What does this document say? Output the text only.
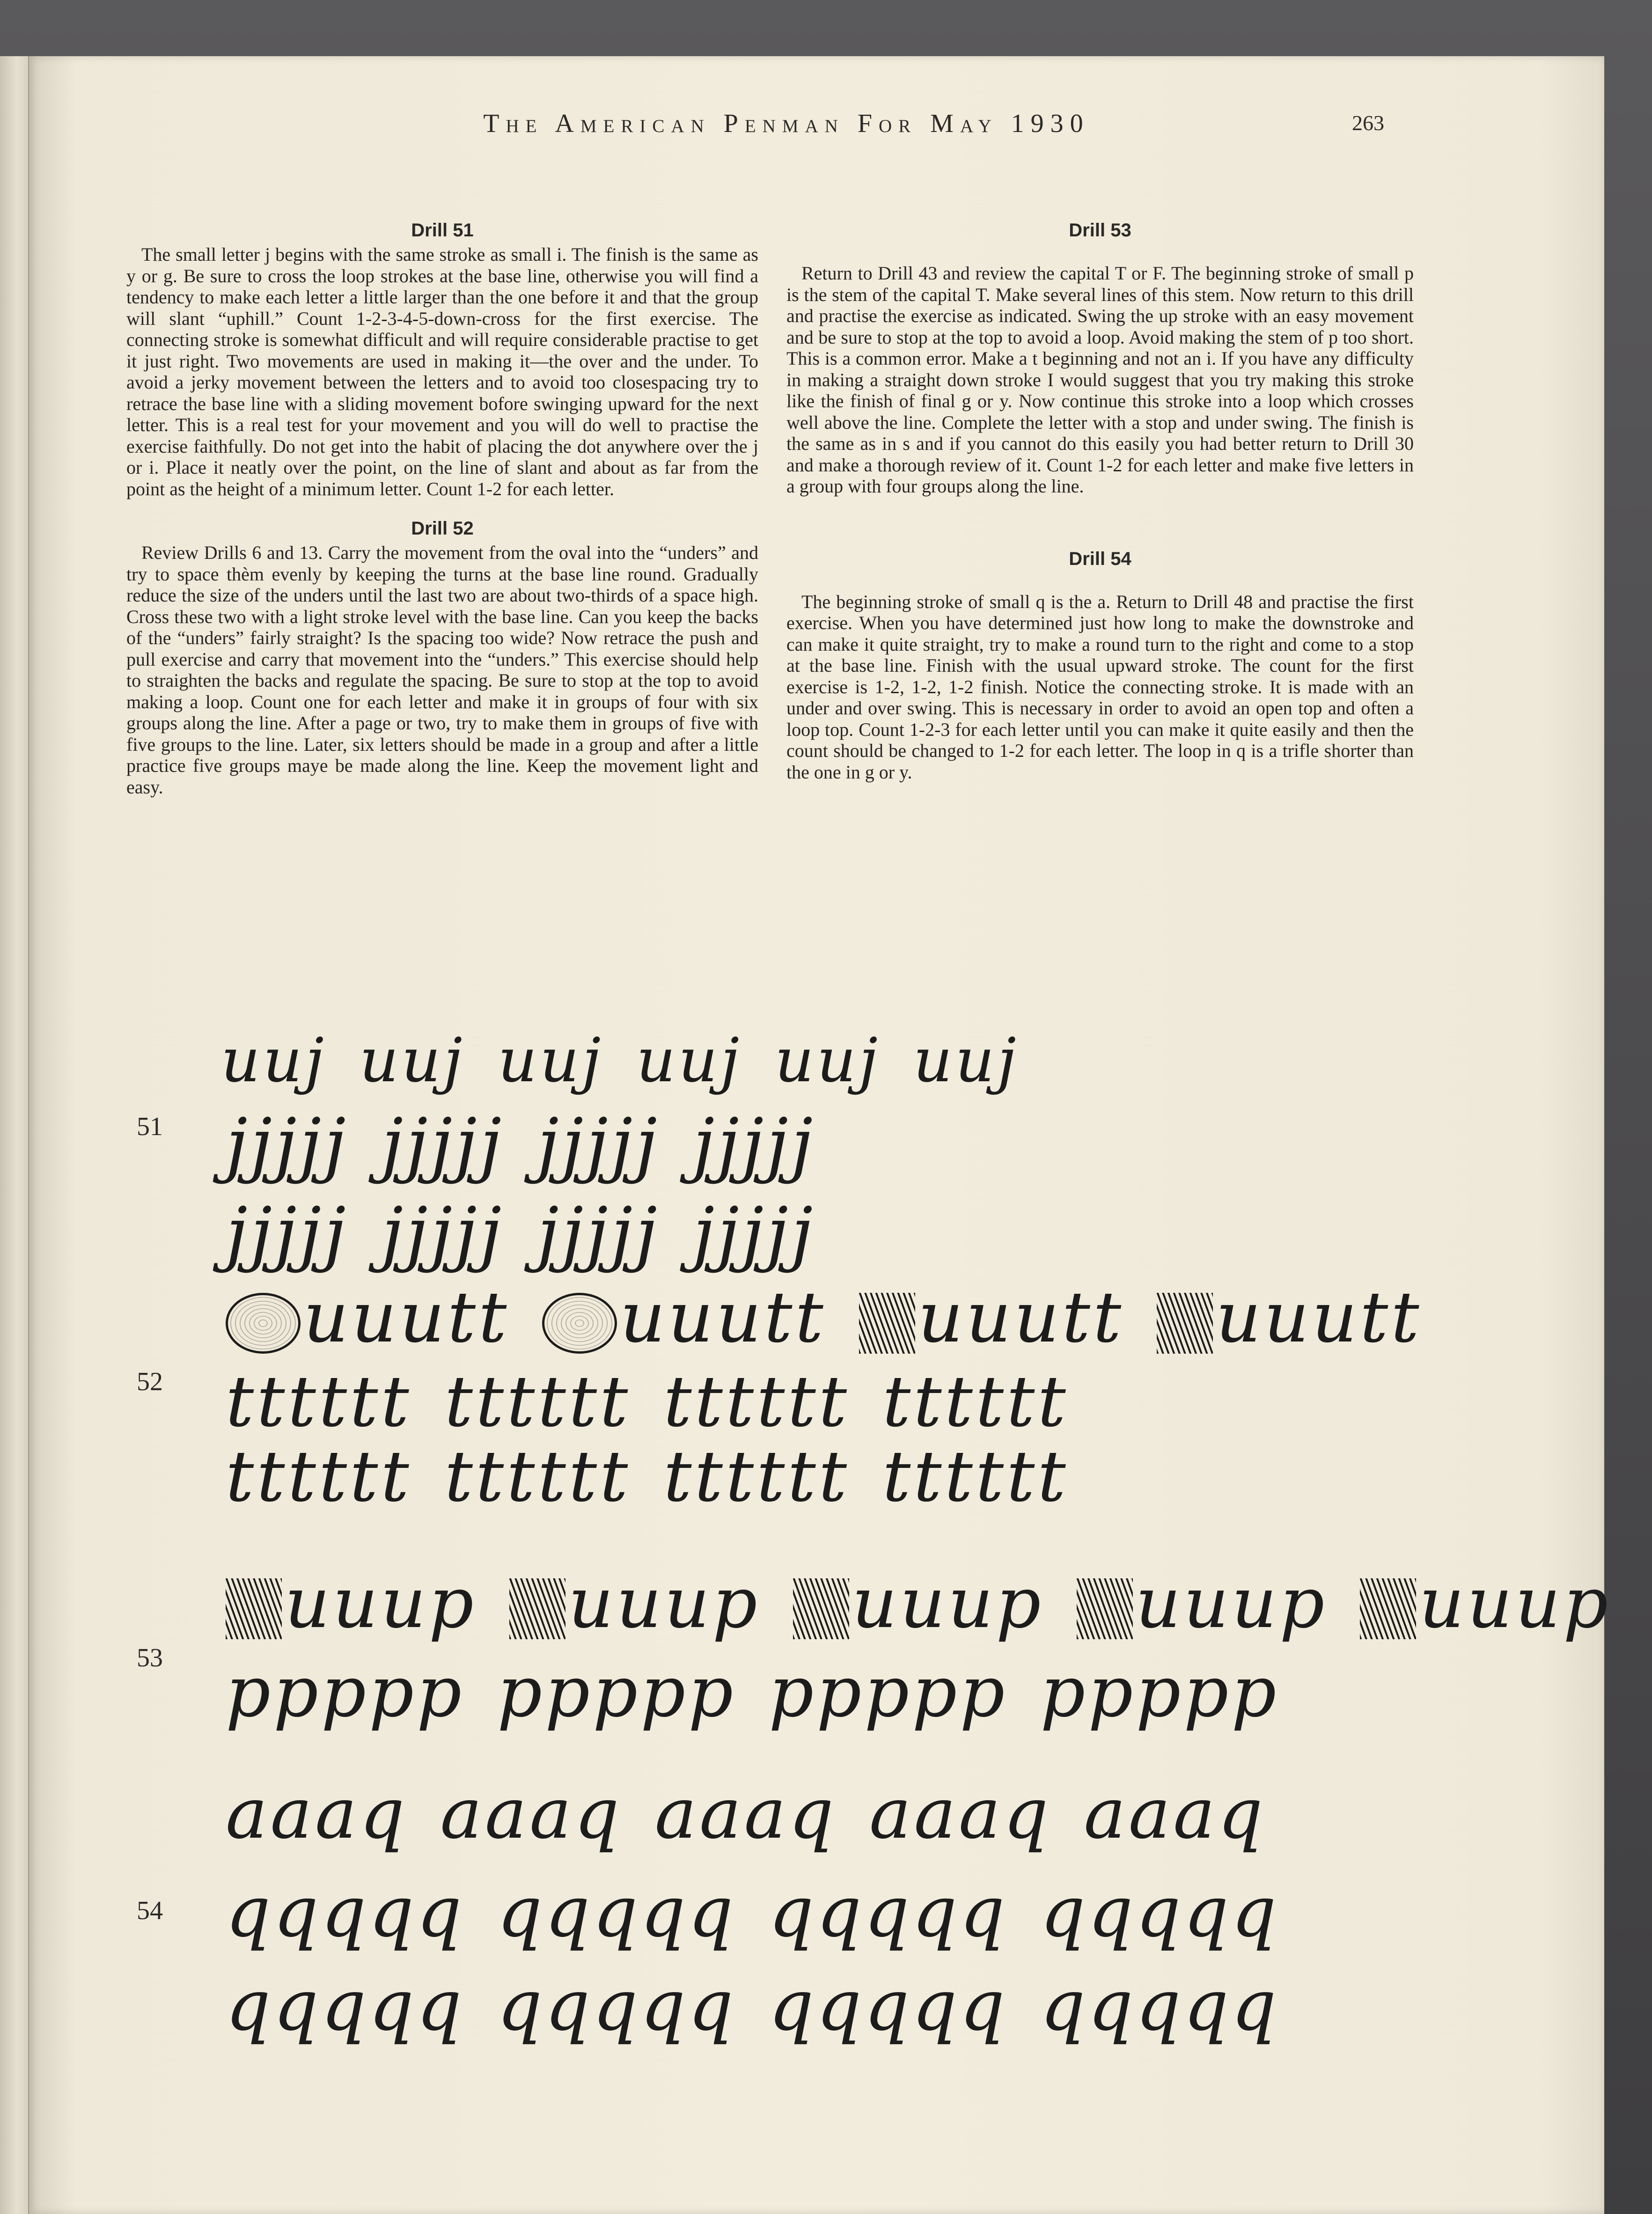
The American Penman For May 1930	263
Drill 51

The small letter j begins with the same stroke as small i. The finish is the same as y or g. Be sure to cross the loop strokes at the base line, otherwise you will find a tendency to make each letter a little larger than the one before it and that the group will slant “uphill.” Count 1-2-3-4-5-down-cross for the first exercise. The connecting stroke is somewhat difficult and will require considerable practise to get it just right. Two movements are used in making it—the over and the under. To avoid a jerky movement between the letters and to avoid too closespacing try to retrace the base line with a sliding movement bofore swinging upward for the next letter. This is a real test for your movement and you will do well to practise the exercise faithfully. Do not get into the habit of placing the dot anywhere over the j or i. Place it neatly over the point, on the line of slant and about as far from the point as the height of a minimum letter. Count 1-2 for each letter.

Drill 52

Review Drills 6 and 13. Carry the movement from the oval into the “unders” and try to space thèm evenly by keeping the turns at the base line round. Gradually reduce the size of the unders until the last two are about two-thirds of a space high. Cross these two with a light stroke level with the base line. Can you keep the backs of the “unders” fairly straight? Is the spacing too wide? Now retrace the push and pull exercise and carry that movement into the “unders.” This exercise should help to straighten the backs and regulate the spacing. Be sure to stop at the top to avoid making a loop. Count one for each letter and make it in groups of four with six groups along the line. After a page or two, try to make them in groups of five with five groups to the line. Later, six letters should be made in a group and after a little practice five groups maye be made along the line. Keep the movement light and easy.

Drill 53

Return to Drill 43 and review the capital T or F. The beginning stroke of small p is the stem of the capital T. Make several lines of this stem. Now return to this drill and practise the exercise as indicated. Swing the up stroke with an easy movement and be sure to stop at the top to avoid a loop. Avoid making the stem of p too short. This is a common error. Make a t beginning and not an i. If you have any difficulty in making a straight down stroke I would suggest that you try making this stroke like the finish of final g or y. Now continue this stroke into a loop which crosses well above the line. Complete the letter with a stop and under swing. The finish is the same as in s and if you cannot do this easily you had better return to Drill 30 and make a thorough review of it. Count 1-2 for each letter and make five letters in a group with four groups along the line.

Drill 54

The beginning stroke of small q is the a. Return to Drill 48 and practise the first exercise. When you have determined just how long to make the downstroke and can make it quite straight, try to make a round turn to the right and come to a stop at the base line. Finish with the usual upward stroke. The count for the first exercise is 1-2, 1-2, 1-2 finish. Notice the connecting stroke. It is made with an under and over swing. This is necessary in order to avoid an open top and often a loop top. Count 1-2-3 for each letter until you can make it quite easily and then the count should be changed to 1-2 for each letter. The loop in q is a trifle shorter than the one in g or y.

51
uuj uuj uuj uuj uuj uuj
jjjjj jjjjj jjjjj jjjjj
jjjjj jjjjj jjjjj jjjjj
52
uuutt uuutt uuutt uuutt
tttttt tttttt tttttt tttttt
tttttt tttttt tttttt tttttt
53
uuup uuup uuup uuup uuup
ppppp ppppp ppppp ppppp
54
aaaq aaaq aaaq aaaq aaaq
qqqqq qqqqq qqqqq qqqqq
qqqqq qqqqq qqqqq qqqqq
